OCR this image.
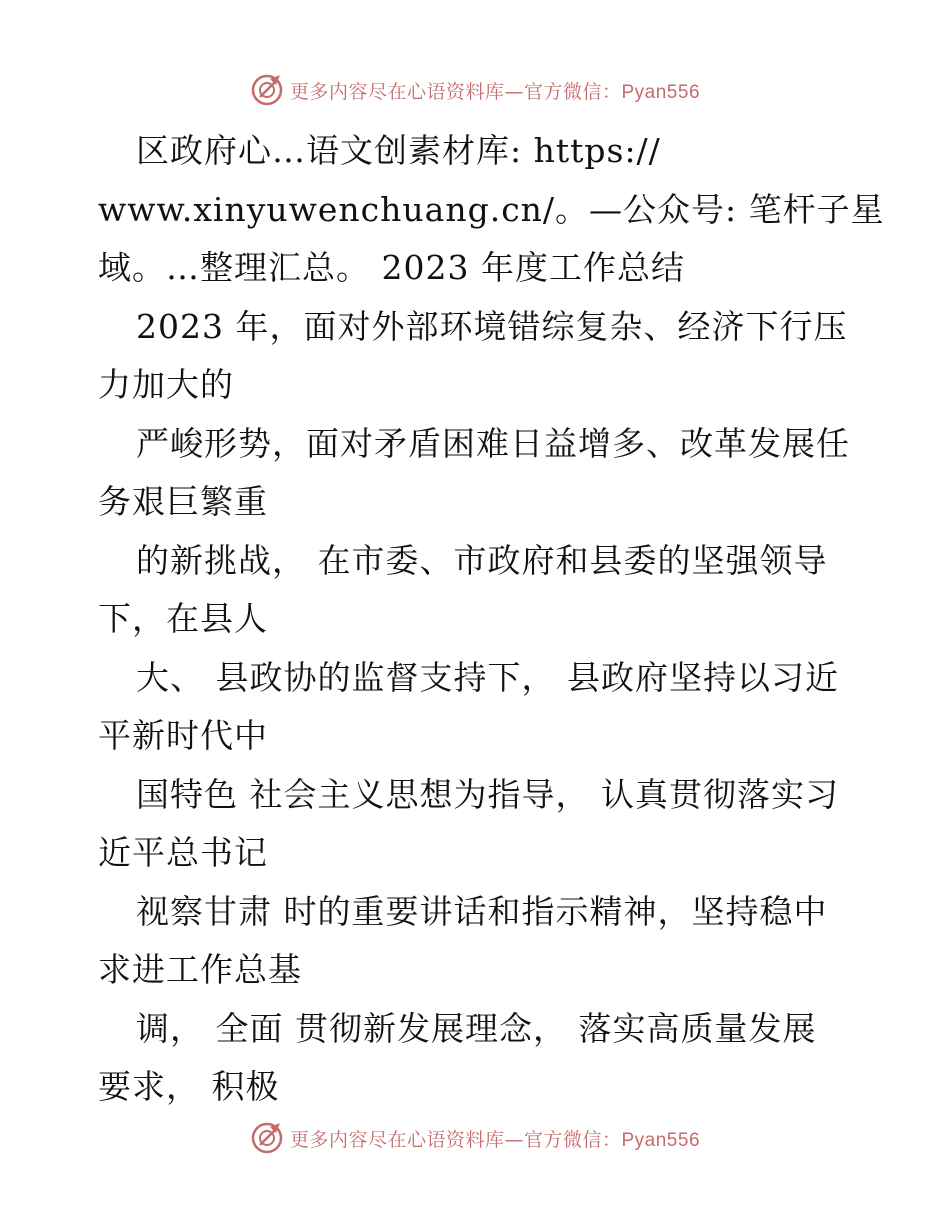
更多内容尽在心语资料库—官方微信：Pyan556
区政府心…语文创素材库: https://
www.xinyuwenchuang.cn/。—公众号: 笔杆子星
域。…整理汇总。 2023 年度工作总结
2023 年，面对外部环境错综复杂、经济下行压
力加大的
严峻形势，面对矛盾困难日益增多、改革发展任
务艰巨繁重
的新挑战， 在市委、市政府和县委的坚强领导
下，在县人
大、 县政协的监督支持下， 县政府坚持以习近
平新时代中
国特色 社会主义思想为指导， 认真贯彻落实习
近平总书记
视察甘肃 时的重要讲话和指示精神，坚持稳中
求进工作总基
调， 全面 贯彻新发展理念， 落实高质量发展
要求， 积极
更多内容尽在心语资料库—官方微信：Pyan556
